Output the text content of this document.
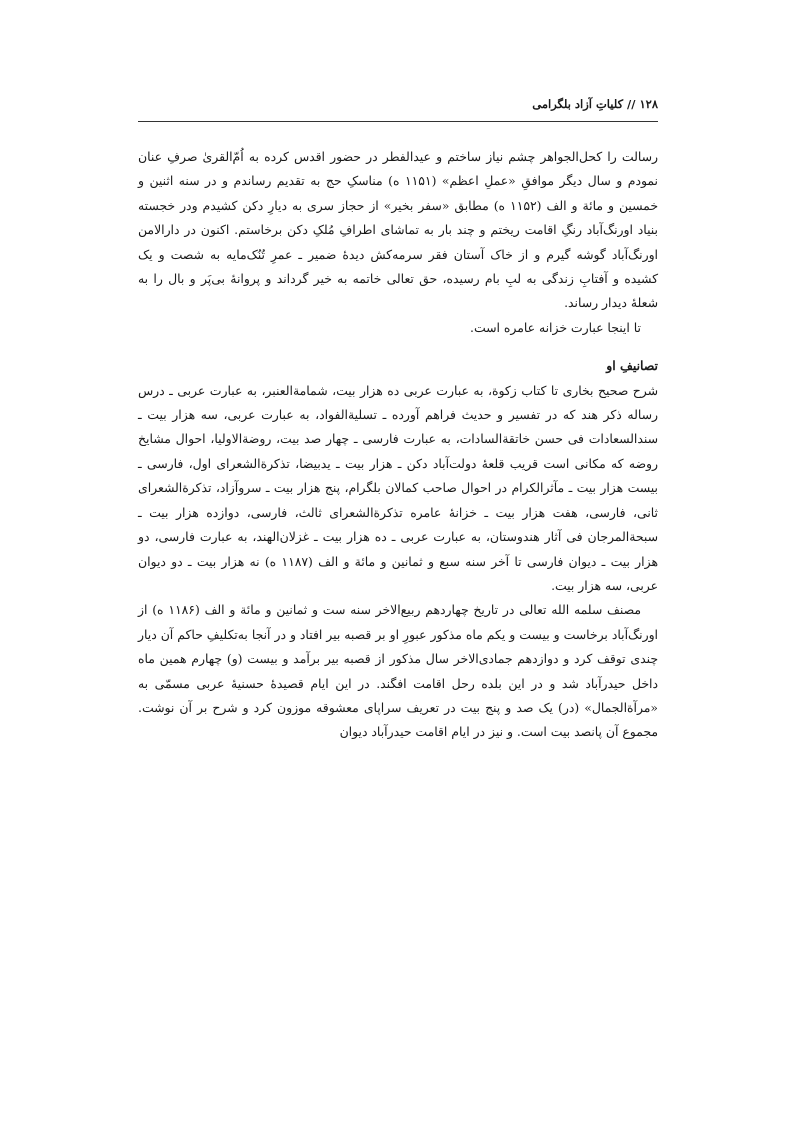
۱۲۸ // کلیاتِ آزاد بلگرامی

رسالت را کحل‌الجواهر چشم نیاز ساختم و عیدالفطر در حضور اقدس کرده به اُمّ‌القریٰ صرفِ عنان نمودم و سال دیگر موافقِ «عملِ اعظم» (۱۱۵۱ ه) مناسکِ حج به تقدیم رساندم و در سنه اثنین و خمسین و مائة و الف (۱۱۵۲ ه) مطابق «سفر بخیر» از حجاز سری به دیارِ دکن کشیدم ودر خجسته بنیاد اورنگ‌آباد رنگِ اقامت ریختم و چند بار به تماشای اطرافِ مُلکِ دکن برخاستم. اکنون در دارالامن اورنگ‌آباد گوشه گیرم و از خاک آستان فقر سرمه‌کش دیدهٔ ضمیر ـ عمرِ تُنُک‌مایه به شصت و یک کشیده و آفتابِ زندگی به لبِ بام رسیده، حق تعالی خاتمه به خیر گرداند و پروانهٔ بی‌پَر و بال را به شعلهٔ دیدار رساند.

تا اینجا عبارت خزانه عامره است.

تصانیفِ او

شرح صحیح بخاری تا کتاب زکوة، به عبارت عربی ده هزار بیت، شمامةالعنبر، به عبارت عربی ـ درس رساله ذکر هند که در تفسیر و حدیث فراهم آورده ـ تسلیةالفواد، به عبارت عربی، سه هزار بیت ـ سندالسعادات فی حسن خاتقةالسادات، به عبارت فارسی ـ چهار صد بیت، روضةالاولیا، احوال مشایخ روضه که مکانی است قریب قلعهٔ دولت‌آباد دکن ـ هزار بیت ـ یدبیضا، تذکرةالشعرای اول، فارسی ـ بیست هزار بیت ـ مآثرالکرام در احوال صاحب کمالان بلگرام، پنج هزار بیت ـ سروآزاد، تذکرةالشعرای ثانی، فارسی، هفت هزار بیت ـ خزانهٔ عامره تذکرةالشعرای ثالث، فارسی، دوازده هزار بیت ـ سبحةالمرجان فی آثار هندوستان، به عبارت عربی ـ ده هزار بیت ـ غزلان‌الهند، به عبارت فارسی، دو هزار بیت ـ دیوان فارسی تا آخر سنه سبع و ثمانین و مائة و الف (۱۱۸۷ ه) نه هزار بیت ـ دو دیوان عربی، سه هزار بیت.

مصنف سلمه الله تعالی در تاریخ چهاردهم ربیع‌الاخر سنه ست و ثمانین و مائة و الف (۱۱۸۶ ه) از اورنگ‌آباد برخاست و بیست و یکم ماه مذکور عبورِ او بر قصبه بیر افتاد و در آنجا به‌تکلیفِ حاکم آن دیار چندی توقف کرد و دوازدهم جمادی‌الاخر سال مذکور از قصبه بیر برآمد و بیست (و) چهارم همین ماه داخل حیدرآباد شد و در این بلده رحل اقامت افگند. در این ایام قصیدهٔ حسنیهٔ عربی مسمّی به «مرآةالجمال» (در) یک صد و پنج بیت در تعریف سراپای معشوقه موزون کرد و شرح بر آن نوشت. مجموع آن پانصد بیت است. و نیز در ایام اقامت حیدرآباد دیوان
